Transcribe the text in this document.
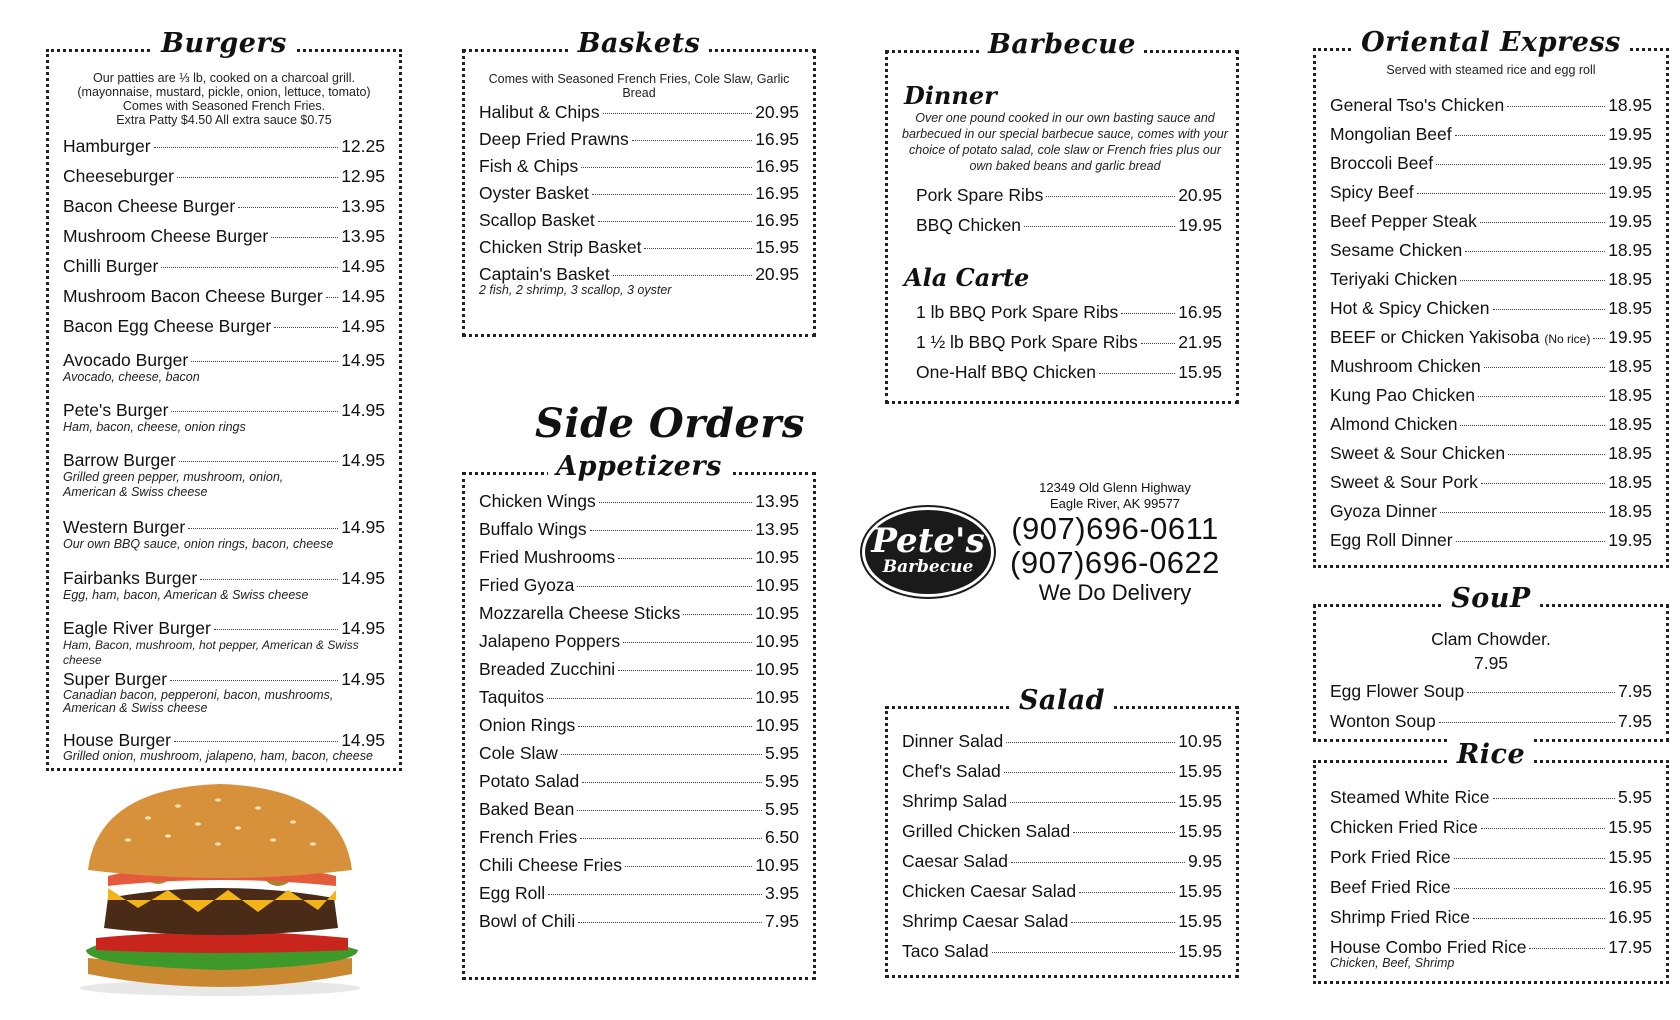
Burgers
Our patties are ⅓ lb, cooked on a charcoal grill.
(mayonnaise, mustard, pickle, onion, lettuce, tomato)
Comes with Seasoned French Fries.
Extra Patty $4.50 All extra sauce $0.75
Hamburger	12.25
Cheeseburger	12.95
Bacon Cheese Burger	13.95
Mushroom Cheese Burger	13.95
Chilli Burger	14.95
Mushroom Bacon Cheese Burger 14.95
Bacon Egg Cheese Burger	14.95
Avocado Burger	14.95
Avocado, cheese, bacon
Pete's Burger	14.95
Ham, bacon, cheese, onion rings
Barrow Burger	14.95
Grilled green pepper, mushroom, onion,
American & Swiss cheese
Western Burger	14.95
Our own BBQ sauce, onion rings, bacon, cheese
Fairbanks Burger	14.95
Egg, ham, bacon, American & Swiss cheese
Eagle River Burger	14.95
Ham, Bacon, mushroom, hot pepper, American & Swiss cheese
Super Burger	14.95
Canadian bacon, pepperoni, bacon, mushrooms,
American & Swiss cheese
House Burger	14.95
Grilled onion, mushroom, jalapeno, ham, bacon, cheese
Baskets
Comes with Seasoned French Fries, Cole Slaw, Garlic Bread
Halibut & Chips	20.95
Deep Fried Prawns	16.95
Fish & Chips	16.95
Oyster Basket	16.95
Scallop Basket	16.95
Chicken Strip Basket	15.95
Captain's Basket	20.95
2 fish, 2 shrimp, 3 scallop, 3 oyster
Side Orders
Appetizers
Chicken Wings	13.95
Buffalo Wings	13.95
Fried Mushrooms	10.95
Fried Gyoza	10.95
Mozzarella Cheese Sticks	10.95
Jalapeno Poppers	10.95
Breaded Zucchini	10.95
Taquitos	10.95
Onion Rings	10.95
Cole Slaw	5.95
Potato Salad	5.95
Baked Bean	5.95
French Fries	6.50
Chili Cheese Fries	10.95
Egg Roll	3.95
Bowl of Chili	7.95
Barbecue
Dinner
Over one pound cooked in our own basting sauce and
barbecued in our special barbecue sauce, comes with your
choice of potato salad, cole slaw or French fries plus our
own baked beans and garlic bread
Pork Spare Ribs	20.95
BBQ Chicken	19.95
Ala Carte
1 lb BBQ Pork Spare Ribs	16.95
1 ½ lb BBQ Pork Spare Ribs 21.95
One-Half BBQ Chicken	15.95
Pete's
Barbecue
12349 Old Glenn Highway
Eagle River, AK 99577
(907)696-0611
(907)696-0622
We Do Delivery
Salad
Dinner Salad	10.95
Chef's Salad	15.95
Shrimp Salad	15.95
Grilled Chicken Salad	15.95
Caesar Salad	9.95
Chicken Caesar Salad	15.95
Shrimp Caesar Salad	15.95
Taco Salad	15.95
Oriental Express
Served with steamed rice and egg roll
General Tso's Chicken	18.95
Mongolian Beef	19.95
Broccoli Beef	19.95
Spicy Beef	19.95
Beef Pepper Steak	19.95
Sesame Chicken	18.95
Teriyaki Chicken	18.95
Hot & Spicy Chicken	18.95
BEEF or Chicken Yakisoba (No rice) 19.95
Mushroom Chicken	18.95
Kung Pao Chicken	18.95
Almond Chicken	18.95
Sweet & Sour Chicken	18.95
Sweet & Sour Pork	18.95
Gyoza Dinner	18.95
Egg Roll Dinner	19.95
SouP
Clam Chowder.
7.95
Egg Flower Soup	7.95
Wonton Soup	7.95
Rice
Steamed White Rice	5.95
Chicken Fried Rice	15.95
Pork Fried Rice	15.95
Beef Fried Rice	16.95
Shrimp Fried Rice	16.95
House Combo Fried Rice	17.95
Chicken, Beef, Shrimp
